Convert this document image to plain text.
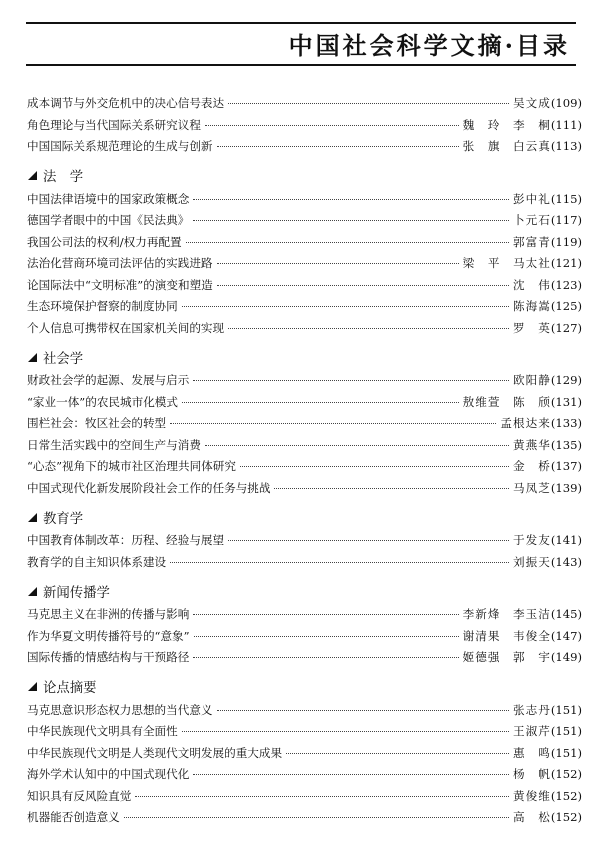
中国社会科学文摘·目录
成本调节与外交危机中的决心信号表达	吴文成 (109)
角色理论与当代国际关系研究议程	魏　玲　李　桐 (111)
中国国际关系规范理论的生成与创新	张　旗　白云真 (113)
法　学
中国法律语境中的国家政策概念	彭中礼 (115)
德国学者眼中的中国《民法典》	卜元石 (117)
我国公司法的权利/权力再配置	郭富青 (119)
法治化营商环境司法评估的实践进路	梁　平　马太社 (121)
论国际法中“文明标准”的演变和塑造	沈　伟 (123)
生态环境保护督察的制度协同	陈海嵩 (125)
个人信息可携带权在国家机关间的实现	罗　英 (127)
社会学
财政社会学的起源、发展与启示	欧阳静 (129)
“家业一体”的农民城市化模式	敖维萱　陈　颀 (131)
围栏社会：牧区社会的转型	孟根达来 (133)
日常生活实践中的空间生产与消费	黄燕华 (135)
“心态”视角下的城市社区治理共同体研究	金　桥 (137)
中国式现代化新发展阶段社会工作的任务与挑战	马凤芝 (139)
教育学
中国教育体制改革：历程、经验与展望	于发友 (141)
教育学的自主知识体系建设	刘振天 (143)
新闻传播学
马克思主义在非洲的传播与影响	李新烽　李玉洁 (145)
作为华夏文明传播符号的“意象”	谢清果　韦俊全 (147)
国际传播的情感结构与干预路径	姬德强　郭　宇 (149)
论点摘要
马克思意识形态权力思想的当代意义	张志丹 (151)
中华民族现代文明具有全面性	王淑芹 (151)
中华民族现代文明是人类现代文明发展的重大成果	惠　鸣 (151)
海外学术认知中的中国式现代化	杨　帆 (152)
知识具有反风险直觉	黄俊维 (152)
机器能否创造意义	高　松 (152)
